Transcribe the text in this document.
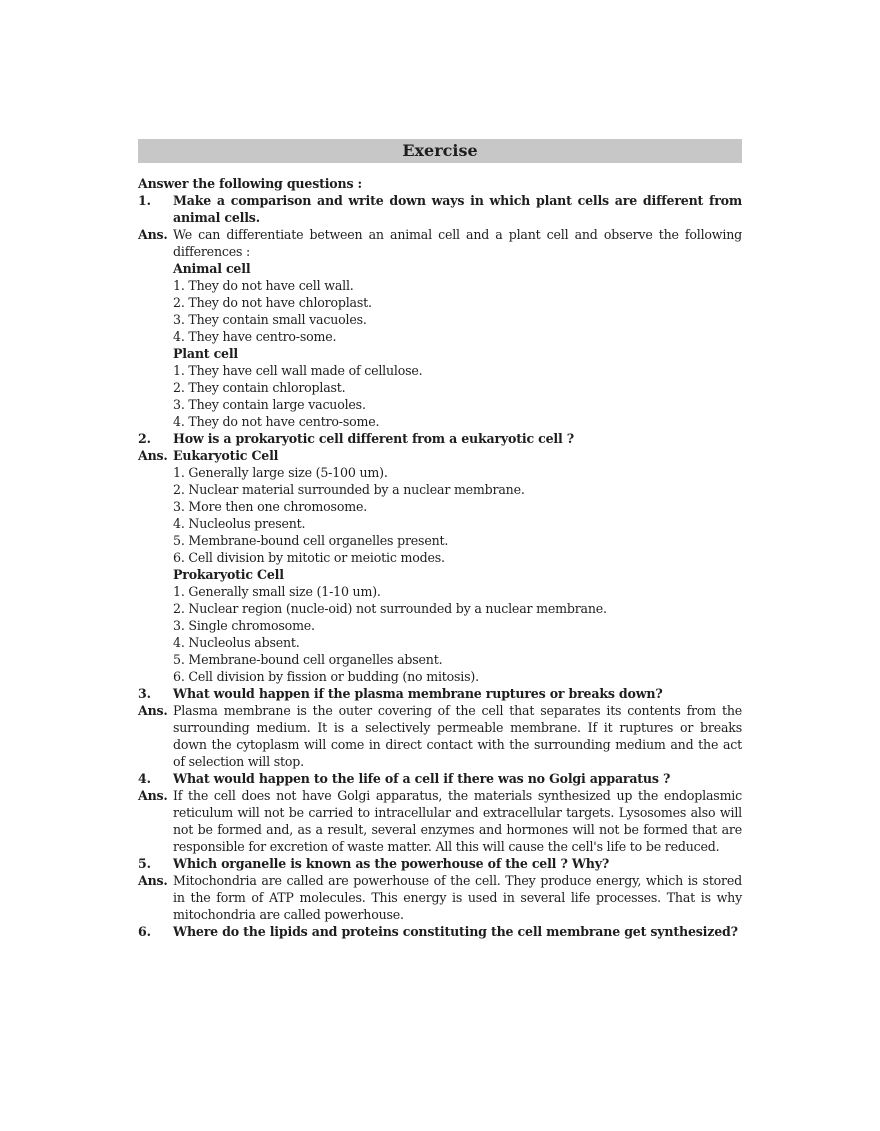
Exercise
Answer the following questions :
1.	Make a comparison and write down ways in which plant cells are different from animal cells.
Ans. We can differentiate between an animal cell and a plant cell and observe the following differences :
Animal cell
1. They do not have cell wall.
2. They do not have chloroplast.
3. They contain small vacuoles.
4. They have centro-some.
Plant cell
1. They have cell wall made of cellulose.
2. They contain chloroplast.
3. They contain large vacuoles.
4. They do not have centro-some.
2.	How is a prokaryotic cell different from a eukaryotic cell ?
Ans. Eukaryotic Cell
1. Generally large size (5-100 um).
2. Nuclear material surrounded by a nuclear membrane.
3. More then one chromosome.
4. Nucleolus present.
5. Membrane-bound cell organelles present.
6. Cell division by mitotic or meiotic modes.
Prokaryotic Cell
1. Generally small size (1-10 um).
2. Nuclear region (nucle-oid) not surrounded by a nuclear membrane.
3. Single chromosome.
4. Nucleolus absent.
5. Membrane-bound cell organelles absent.
6. Cell division by fission or budding (no mitosis).
3.	What would happen if the plasma membrane ruptures or breaks down?
Ans. Plasma membrane is the outer covering of the cell that separates its contents from the surrounding medium. It is a selectively permeable membrane. If it ruptures or breaks down the cytoplasm will come in direct contact with the surrounding medium and the act of selection will stop.
4.	What would happen to the life of a cell if there was no Golgi apparatus ?
Ans. If the cell does not have Golgi apparatus, the materials synthesized up the endoplasmic reticulum will not be carried to intracellular and extracellular targets. Lysosomes also will not be formed and, as a result, several enzymes and hormones will not be formed that are responsible for excretion of waste matter. All this will cause the cell's life to be reduced.
5.	Which organelle is known as the powerhouse of the cell ? Why?
Ans. Mitochondria are called are powerhouse of the cell. They produce energy, which is stored in the form of ATP molecules. This energy is used in several life processes. That is why mitochondria are called powerhouse.
6.	Where do the lipids and proteins constituting the cell membrane get synthesized?
